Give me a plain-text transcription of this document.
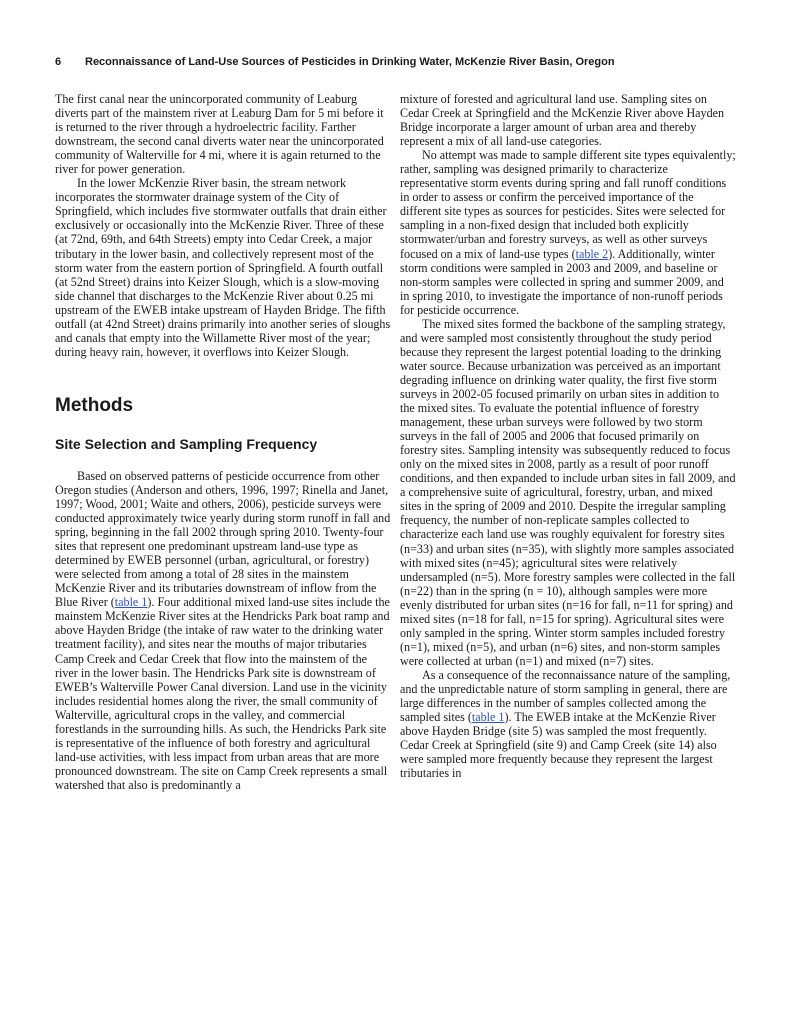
6 Reconnaissance of Land-Use Sources of Pesticides in Drinking Water, McKenzie River Basin, Oregon

The first canal near the unincorporated community of Leaburg diverts part of the mainstem river at Leaburg Dam for 5 mi before it is returned to the river through a hydroelectric facility. Farther downstream, the second canal diverts water near the unincorporated community of Walterville for 4 mi, where it is again returned to the river for power generation.

In the lower McKenzie River basin, the stream network incorporates the stormwater drainage system of the City of Springfield, which includes five stormwater outfalls that drain either exclusively or occasionally into the McKenzie River. Three of these (at 72nd, 69th, and 64th Streets) empty into Cedar Creek, a major tributary in the lower basin, and collectively represent most of the storm water from the eastern portion of Springfield. A fourth outfall (at 52nd Street) drains into Keizer Slough, which is a slow-moving side channel that discharges to the McKenzie River about 0.25 mi upstream of the EWEB intake upstream of Hayden Bridge. The fifth outfall (at 42nd Street) drains primarily into another series of sloughs and canals that empty into the Willamette River most of the year; during heavy rain, however, it overflows into Keizer Slough.

Methods
Site Selection and Sampling Frequency

Based on observed patterns of pesticide occurrence from other Oregon studies (Anderson and others, 1996, 1997; Rinella and Janet, 1997; Wood, 2001; Waite and others, 2006), pesticide surveys were conducted approximately twice yearly during storm runoff in fall and spring, beginning in the fall 2002 through spring 2010. Twenty-four sites that represent one predominant upstream land-use type as determined by EWEB personnel (urban, agricultural, or forestry) were selected from among a total of 28 sites in the mainstem McKenzie River and its tributaries downstream of inflow from the Blue River (table 1). Four additional mixed land-use sites include the mainstem McKenzie River sites at the Hendricks Park boat ramp and above Hayden Bridge (the intake of raw water to the drinking water treatment facility), and sites near the mouths of major tributaries Camp Creek and Cedar Creek that flow into the mainstem of the river in the lower basin. The Hendricks Park site is downstream of EWEB’s Walterville Power Canal diversion. Land use in the vicinity includes residential homes along the river, the small community of Walterville, agricultural crops in the valley, and commercial forestlands in the surrounding hills. As such, the Hendricks Park site is representative of the influence of both forestry and agricultural land-use activities, with less impact from urban areas that are more pronounced downstream. The site on Camp Creek represents a small watershed that also is predominantly a

mixture of forested and agricultural land use. Sampling sites on Cedar Creek at Springfield and the McKenzie River above Hayden Bridge incorporate a larger amount of urban area and thereby represent a mix of all land-use categories.

No attempt was made to sample different site types equivalently; rather, sampling was designed primarily to characterize representative storm events during spring and fall runoff conditions in order to assess or confirm the perceived importance of the different site types as sources for pesticides. Sites were selected for sampling in a non-fixed design that included both explicitly stormwater/urban and forestry surveys, as well as other surveys focused on a mix of land-use types (table 2). Additionally, winter storm conditions were sampled in 2003 and 2009, and baseline or non-storm samples were collected in spring and summer 2009, and in spring 2010, to investigate the importance of non-runoff periods for pesticide occurrence.

The mixed sites formed the backbone of the sampling strategy, and were sampled most consistently throughout the study period because they represent the largest potential loading to the drinking water source. Because urbanization was perceived as an important degrading influence on drinking water quality, the first five storm surveys in 2002-05 focused primarily on urban sites in addition to the mixed sites. To evaluate the potential influence of forestry management, these urban surveys were followed by two storm surveys in the fall of 2005 and 2006 that focused primarily on forestry sites. Sampling intensity was subsequently reduced to focus only on the mixed sites in 2008, partly as a result of poor runoff conditions, and then expanded to include urban sites in fall 2009, and a comprehensive suite of agricultural, forestry, urban, and mixed sites in the spring of 2009 and 2010. Despite the irregular sampling frequency, the number of non-replicate samples collected to characterize each land use was roughly equivalent for forestry sites (n=33) and urban sites (n=35), with slightly more samples associated with mixed sites (n=45); agricultural sites were relatively undersampled (n=5). More forestry samples were collected in the fall (n=22) than in the spring (n = 10), although samples were more evenly distributed for urban sites (n=16 for fall, n=11 for spring) and mixed sites (n=18 for fall, n=15 for spring). Agricultural sites were only sampled in the spring. Winter storm samples included forestry (n=1), mixed (n=5), and urban (n=6) sites, and non-storm samples were collected at urban (n=1) and mixed (n=7) sites.

As a consequence of the reconnaissance nature of the sampling, and the unpredictable nature of storm sampling in general, there are large differences in the number of samples collected among the sampled sites (table 1). The EWEB intake at the McKenzie River above Hayden Bridge (site 5) was sampled the most frequently. Cedar Creek at Springfield (site 9) and Camp Creek (site 14) also were sampled more frequently because they represent the largest tributaries in
